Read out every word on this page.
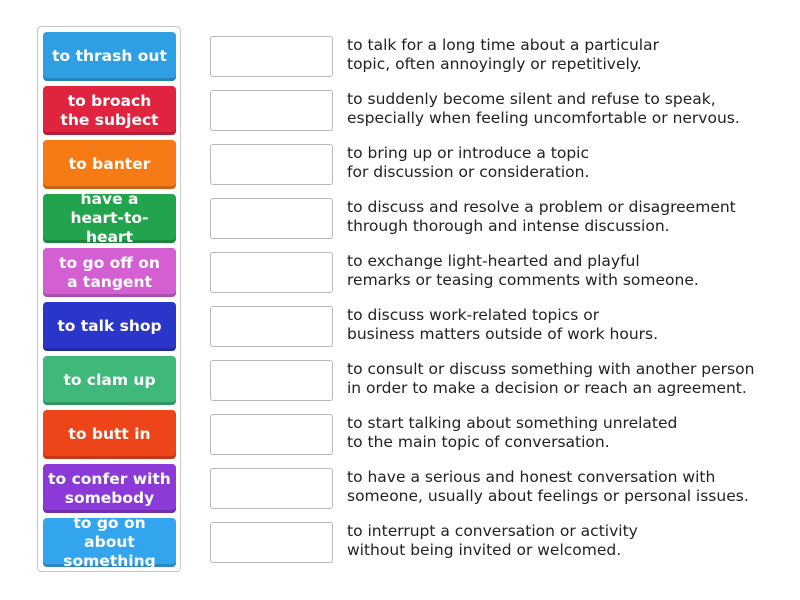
to thrash out
to broach
the subject
to banter
have a
heart-to-heart
to go off on
a tangent
to talk shop
to clam up
to butt in
to confer with
somebody
to go on about
something
to talk for a long time about a particular
topic, often annoyingly or repetitively.
to suddenly become silent and refuse to speak,
especially when feeling uncomfortable or nervous.
to bring up or introduce a topic
for discussion or consideration.
to discuss and resolve a problem or disagreement
through thorough and intense discussion.
to exchange light-hearted and playful
remarks or teasing comments with someone.
to discuss work-related topics or
business matters outside of work hours.
to consult or discuss something with another person
in order to make a decision or reach an agreement.
to start talking about something unrelated
to the main topic of conversation.
to have a serious and honest conversation with
someone, usually about feelings or personal issues.
to interrupt a conversation or activity
without being invited or welcomed.
